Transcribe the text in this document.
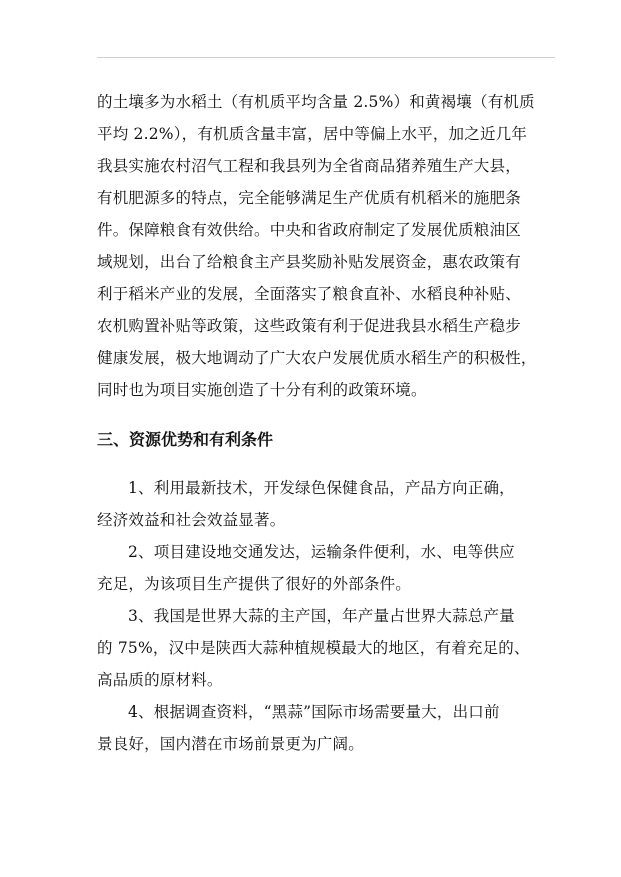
的土壤多为水稻土（有机质平均含量 2.5%）和黄褐壤（有机质
平均 2.2%），有机质含量丰富，居中等偏上水平，加之近几年
我县实施农村沼气工程和我县列为全省商品猪养殖生产大县，
有机肥源多的特点，完全能够满足生产优质有机稻米的施肥条
件。保障粮食有效供给。中央和省政府制定了发展优质粮油区
域规划，出台了给粮食主产县奖励补贴发展资金，惠农政策有
利于稻米产业的发展，全面落实了粮食直补、水稻良种补贴、
农机购置补贴等政策，这些政策有利于促进我县水稻生产稳步
健康发展，极大地调动了广大农户发展优质水稻生产的积极性，
同时也为项目实施创造了十分有利的政策环境。
三、资源优势和有利条件
1、利用最新技术，开发绿色保健食品，产品方向正确，
经济效益和社会效益显著。
2、项目建设地交通发达，运输条件便利，水、电等供应
充足，为该项目生产提供了很好的外部条件。
3、我国是世界大蒜的主产国，年产量占世界大蒜总产量
的 75%，汉中是陕西大蒜种植规模最大的地区，有着充足的、
高品质的原材料。
4、根据调查资料，“黑蒜”国际市场需要量大，出口前
景良好，国内潜在市场前景更为广阔。
